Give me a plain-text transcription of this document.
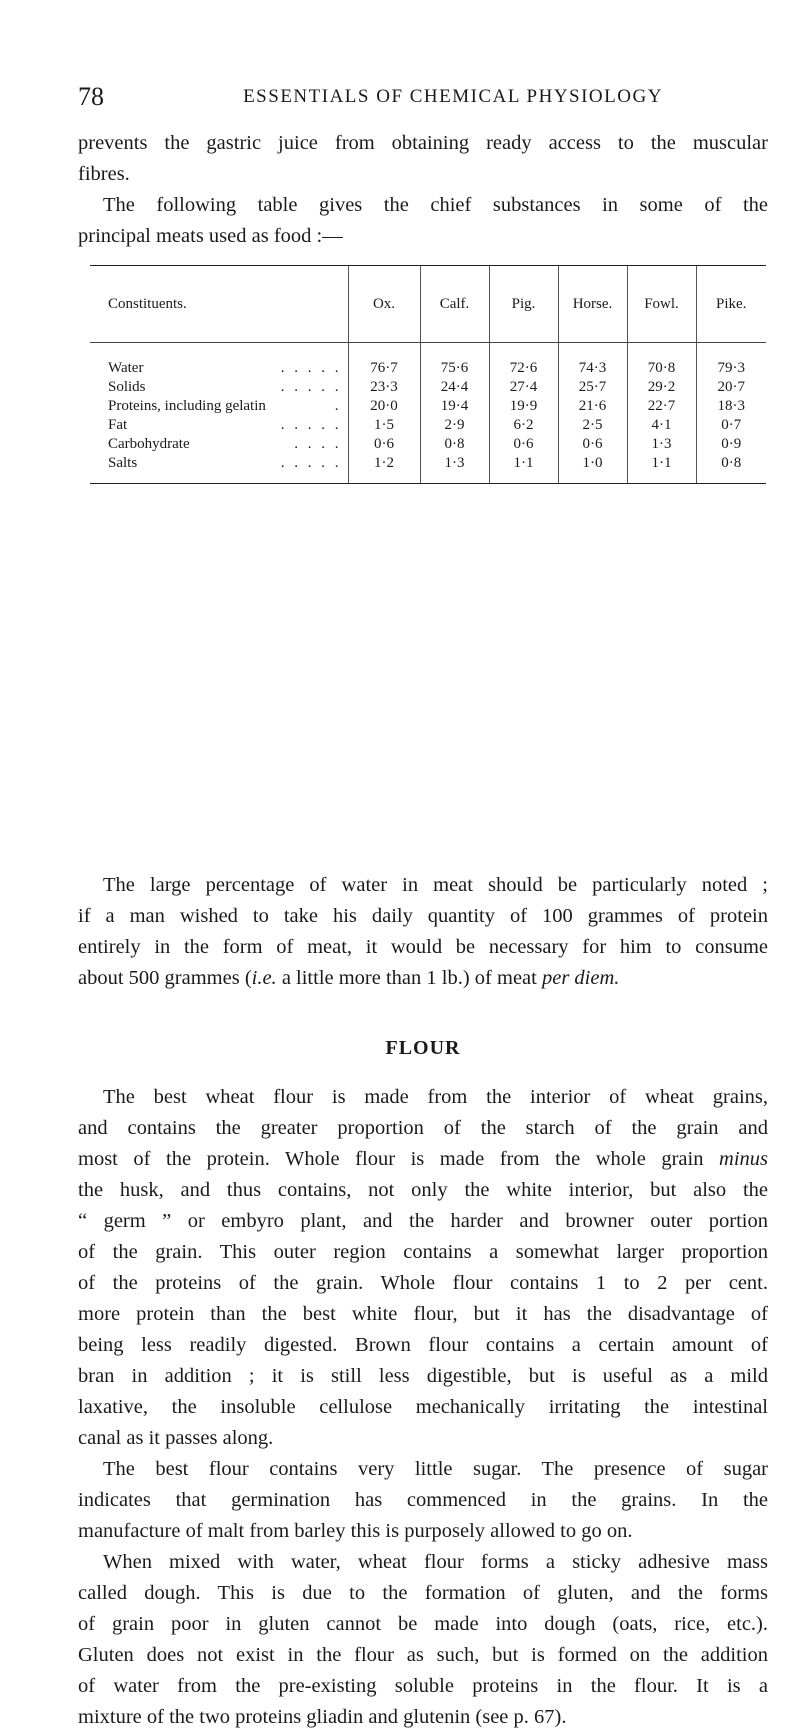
78	ESSENTIALS OF CHEMICAL PHYSIOLOGY
prevents the gastric juice from obtaining ready access to the muscular
fibres.
The following table gives the chief substances in some of the
principal meats used as food :—
Constituents.	Ox.	Calf.	Pig.	Horse.	Fowl.	Pike.
Water . . . . .	76·7	75·6	72·6	74·3	70·8	79·3
Solids . . . . .	23·3	24·4	27·4	25·7	29·2	20·7
Proteins, including gelatin .	20·0	19·4	19·9	21·6	22·7	18·3
Fat . . . . .	1·5	2·9	6·2	2·5	4·1	0·7
Carbohydrate . . . .	0·6	0·8	0·6	0·6	1·3	0·9
Salts . . . . .	1·2	1·3	1·1	1·0	1·1	0·8
The large percentage of water in meat should be particularly noted ;
if a man wished to take his daily quantity of 100 grammes of protein
entirely in the form of meat, it would be necessary for him to consume
about 500 grammes (i.e. a little more than 1 lb.) of meat per diem.
FLOUR
The best wheat flour is made from the interior of wheat grains,
and contains the greater proportion of the starch of the grain and
most of the protein. Whole flour is made from the whole grain minus
the husk, and thus contains, not only the white interior, but also the
“ germ ” or embyro plant, and the harder and browner outer portion
of the grain. This outer region contains a somewhat larger proportion
of the proteins of the grain. Whole flour contains 1 to 2 per cent.
more protein than the best white flour, but it has the disadvantage of
being less readily digested. Brown flour contains a certain amount of
bran in addition ; it is still less digestible, but is useful as a mild
laxative, the insoluble cellulose mechanically irritating the intestinal
canal as it passes along.
The best flour contains very little sugar. The presence of sugar
indicates that germination has commenced in the grains. In the
manufacture of malt from barley this is purposely allowed to go on.
When mixed with water, wheat flour forms a sticky adhesive mass
called dough. This is due to the formation of gluten, and the forms
of grain poor in gluten cannot be made into dough (oats, rice, etc.).
Gluten does not exist in the flour as such, but is formed on the addition
of water from the pre-existing soluble proteins in the flour. It is a
mixture of the two proteins gliadin and glutenin (see p. 67).
